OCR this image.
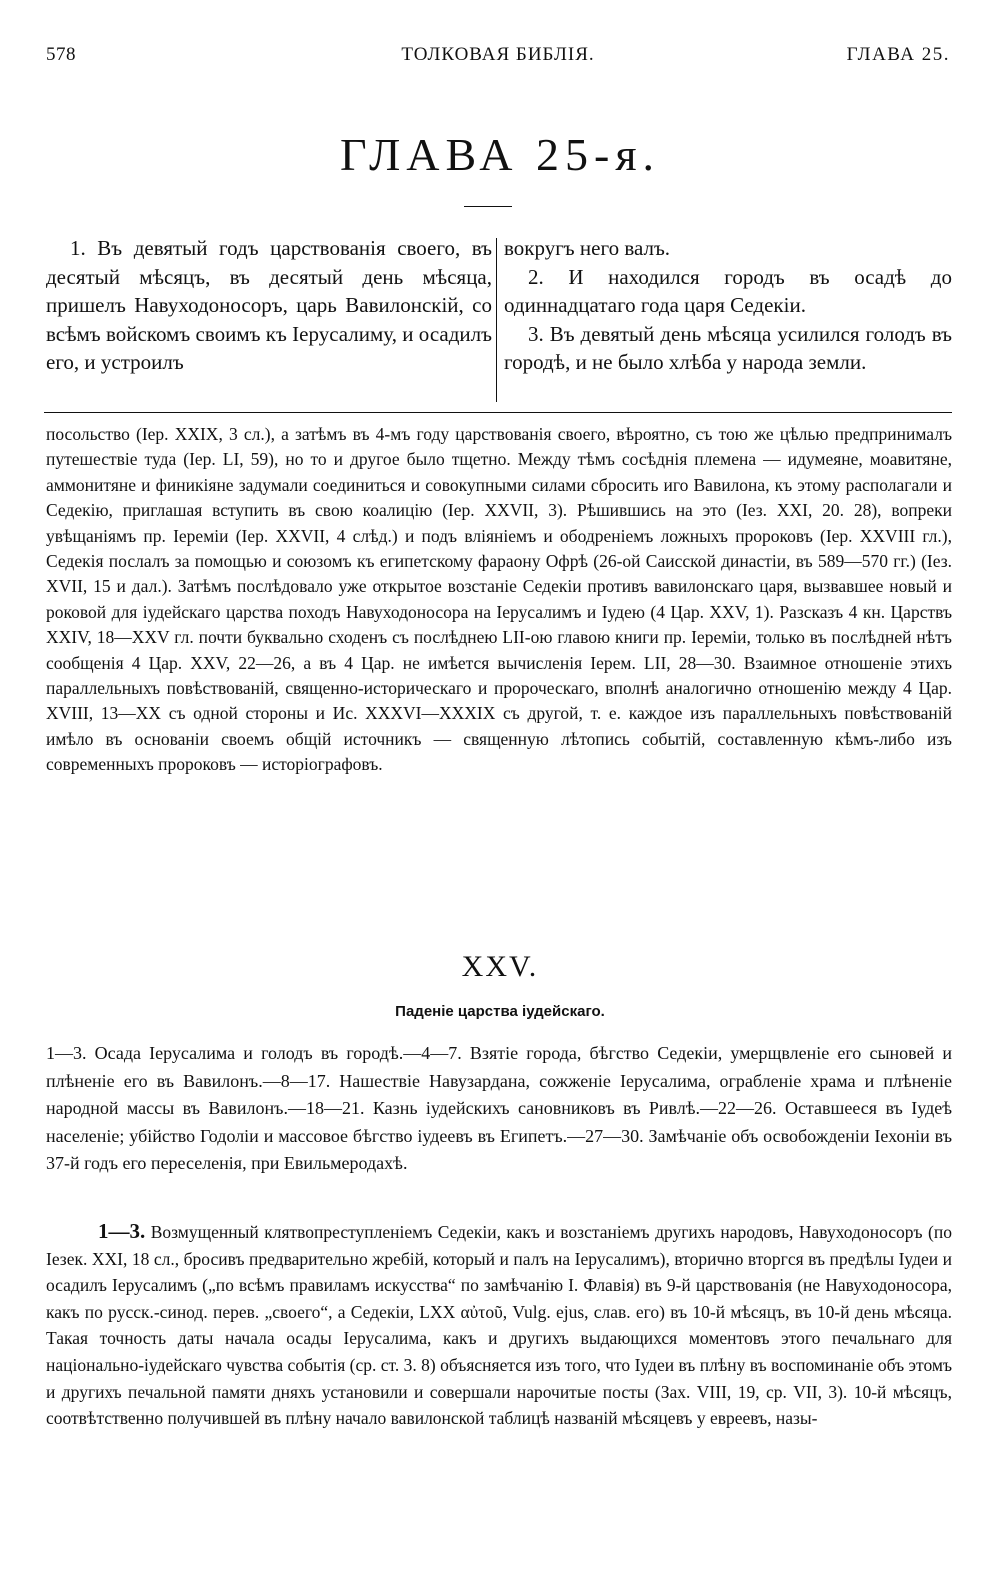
578	ТОЛКОВАЯ БИБЛІЯ.	ГЛАВА 25.
ГЛАВА 25-я.

1. Въ девятый годъ царствованія своего, въ десятый мѣсяцъ, въ десятый день мѣсяца, пришелъ Навуходоносоръ, царь Вавилонскій, со всѣмъ войскомъ своимъ къ Іерусалиму, и осадилъ его, и устроилъ

вокругъ него валъ.

2. И находился городъ въ осадѣ до одиннадцатаго года царя Седекіи.

3. Въ девятый день мѣсяца усилился голодъ въ городѣ, и не было хлѣба у народа земли.

посольство (Іер. XXIX, 3 сл.), а затѣмъ въ 4-мъ году царствованія своего, вѣроятно, съ тою же цѣлью предпринималъ путешествіе туда (Іер. LI, 59), но то и другое было тщетно. Между тѣмъ сосѣднія племена — идумеяне, моавитяне, аммонитяне и финикіяне задумали соединиться и совокупными силами сбросить иго Вавилона, къ этому располагали и Седекію, приглашая вступить въ свою коалицію (Іер. XXVII, 3). Рѣшившись на это (Іез. XXI, 20. 28), вопреки увѣщаніямъ пр. Іереміи (Іер. XXVII, 4 слѣд.) и подъ вліяніемъ и ободреніемъ ложныхъ пророковъ (Іер. XXVIII гл.), Седекія послалъ за помощью и союзомъ къ египетскому фараону Офрѣ (26-ой Саисской династіи, въ 589—570 гг.) (Іез. XVII, 15 и дал.). Затѣмъ послѣдовало уже открытое возстаніе Седекіи противъ вавилонскаго царя, вызвавшее новый и роковой для іудейскаго царства походъ Навуходоносора на Іерусалимъ и Іудею (4 Цар. XXV, 1). Разсказъ 4 кн. Царствъ XXIV, 18—XXV гл. почти буквально сходенъ съ послѣднею LII-ою главою книги пр. Іереміи, только въ послѣдней нѣтъ сообщенія 4 Цар. XXV, 22—26, а въ 4 Цар. не имѣется вычисленія Іерем. LII, 28—30. Взаимное отношеніе этихъ параллельныхъ повѣствованій, священно-историческаго и пророческаго, вполнѣ аналогично отношенію между 4 Цар. XVIII, 13—XX съ одной стороны и Ис. XXXVI—XXXIX съ другой, т. е. каждое изъ параллельныхъ повѣствованій имѣло въ основаніи своемъ общій источникъ — священную лѣтопись событій, составленную кѣмъ-либо изъ современныхъ пророковъ — исторіографовъ.

XXV.
Паденіе царства іудейскаго.

1—3. Осада Іерусалима и голодъ въ городѣ.—4—7. Взятіе города, бѣгство Седекіи, умерщвленіе его сыновей и плѣненіе его въ Вавилонъ.—8—17. Нашествіе Навузардана, сожженіе Іерусалима, ограбленіе храма и плѣненіе народной массы въ Вавилонъ.—18—21. Казнь іудейскихъ сановниковъ въ Ривлѣ.—22—26. Оставшееся въ Іудеѣ населеніе; убійство Годоліи и массовое бѣгство іудеевъ въ Египетъ.—27—30. Замѣчаніе объ освобожденіи Іехоніи въ 37-й годъ его переселенія, при Евильмеродахѣ.

1—3. Возмущенный клятвопреступленіемъ Седекіи, какъ и возстаніемъ другихъ народовъ, Навуходоносоръ (по Іезек. XXI, 18 сл., бросивъ предварительно жребій, который и палъ на Іерусалимъ), вторично вторгся въ предѣлы Іудеи и осадилъ Іерусалимъ („по всѣмъ правиламъ искусства“ по замѣчанію І. Флавія) въ 9-й царствованія (не Навуходоносора, какъ по русск.-синод. перев. „своего“, а Седекіи, LXX αὐτοῦ, Vulg. ejus, слав. его) въ 10-й мѣсяцъ, въ 10-й день мѣсяца. Такая точность даты начала осады Іерусалима, какъ и другихъ выдающихся моментовъ этого печальнаго для національно-іудейскаго чувства событія (ср. ст. 3. 8) объясняется изъ того, что Іудеи въ плѣну въ воспоминаніе объ этомъ и другихъ печальной памяти дняхъ установили и совершали нарочитые посты (Зах. VIII, 19, ср. VII, 3). 10-й мѣсяцъ, соотвѣтственно получившей въ плѣну начало вавилонской таблицѣ названій мѣсяцевъ у евреевъ, назы-
